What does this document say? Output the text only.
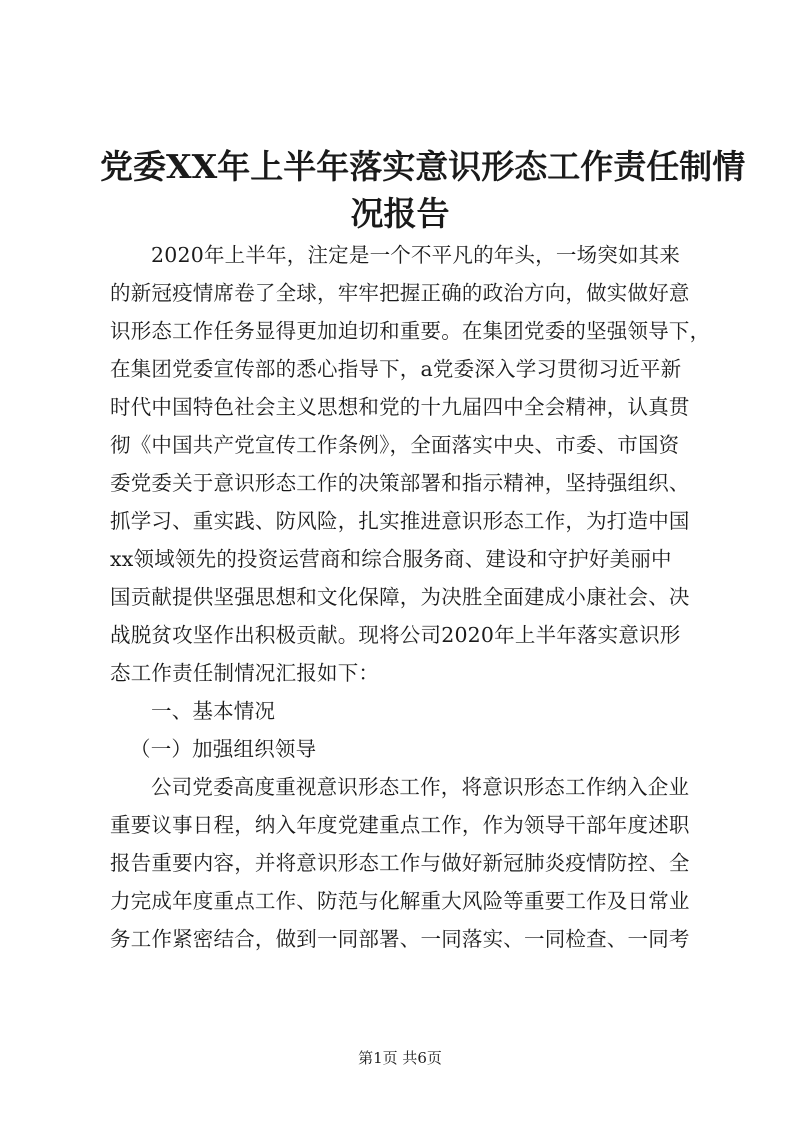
党委XX年上半年落实意识形态工作责任制情
况报告
2020年上半年，注定是一个不平凡的年头，一场突如其来
的新冠疫情席卷了全球，牢牢把握正确的政治方向，做实做好意
识形态工作任务显得更加迫切和重要。在集团党委的坚强领导下，
在集团党委宣传部的悉心指导下，a党委深入学习贯彻习近平新
时代中国特色社会主义思想和党的十九届四中全会精神，认真贯
彻《中国共产党宣传工作条例》，全面落实中央、市委、市国资
委党委关于意识形态工作的决策部署和指示精神，坚持强组织、
抓学习、重实践、防风险，扎实推进意识形态工作，为打造中国
xx领域领先的投资运营商和综合服务商、建设和守护好美丽中
国贡献提供坚强思想和文化保障，为决胜全面建成小康社会、决
战脱贫攻坚作出积极贡献。现将公司2020年上半年落实意识形
态工作责任制情况汇报如下：
一、基本情况
（一）加强组织领导
公司党委高度重视意识形态工作，将意识形态工作纳入企业
重要议事日程，纳入年度党建重点工作，作为领导干部年度述职
报告重要内容，并将意识形态工作与做好新冠肺炎疫情防控、全
力完成年度重点工作、防范与化解重大风险等重要工作及日常业
务工作紧密结合，做到一同部署、一同落实、一同检查、一同考
第1页 共6页
